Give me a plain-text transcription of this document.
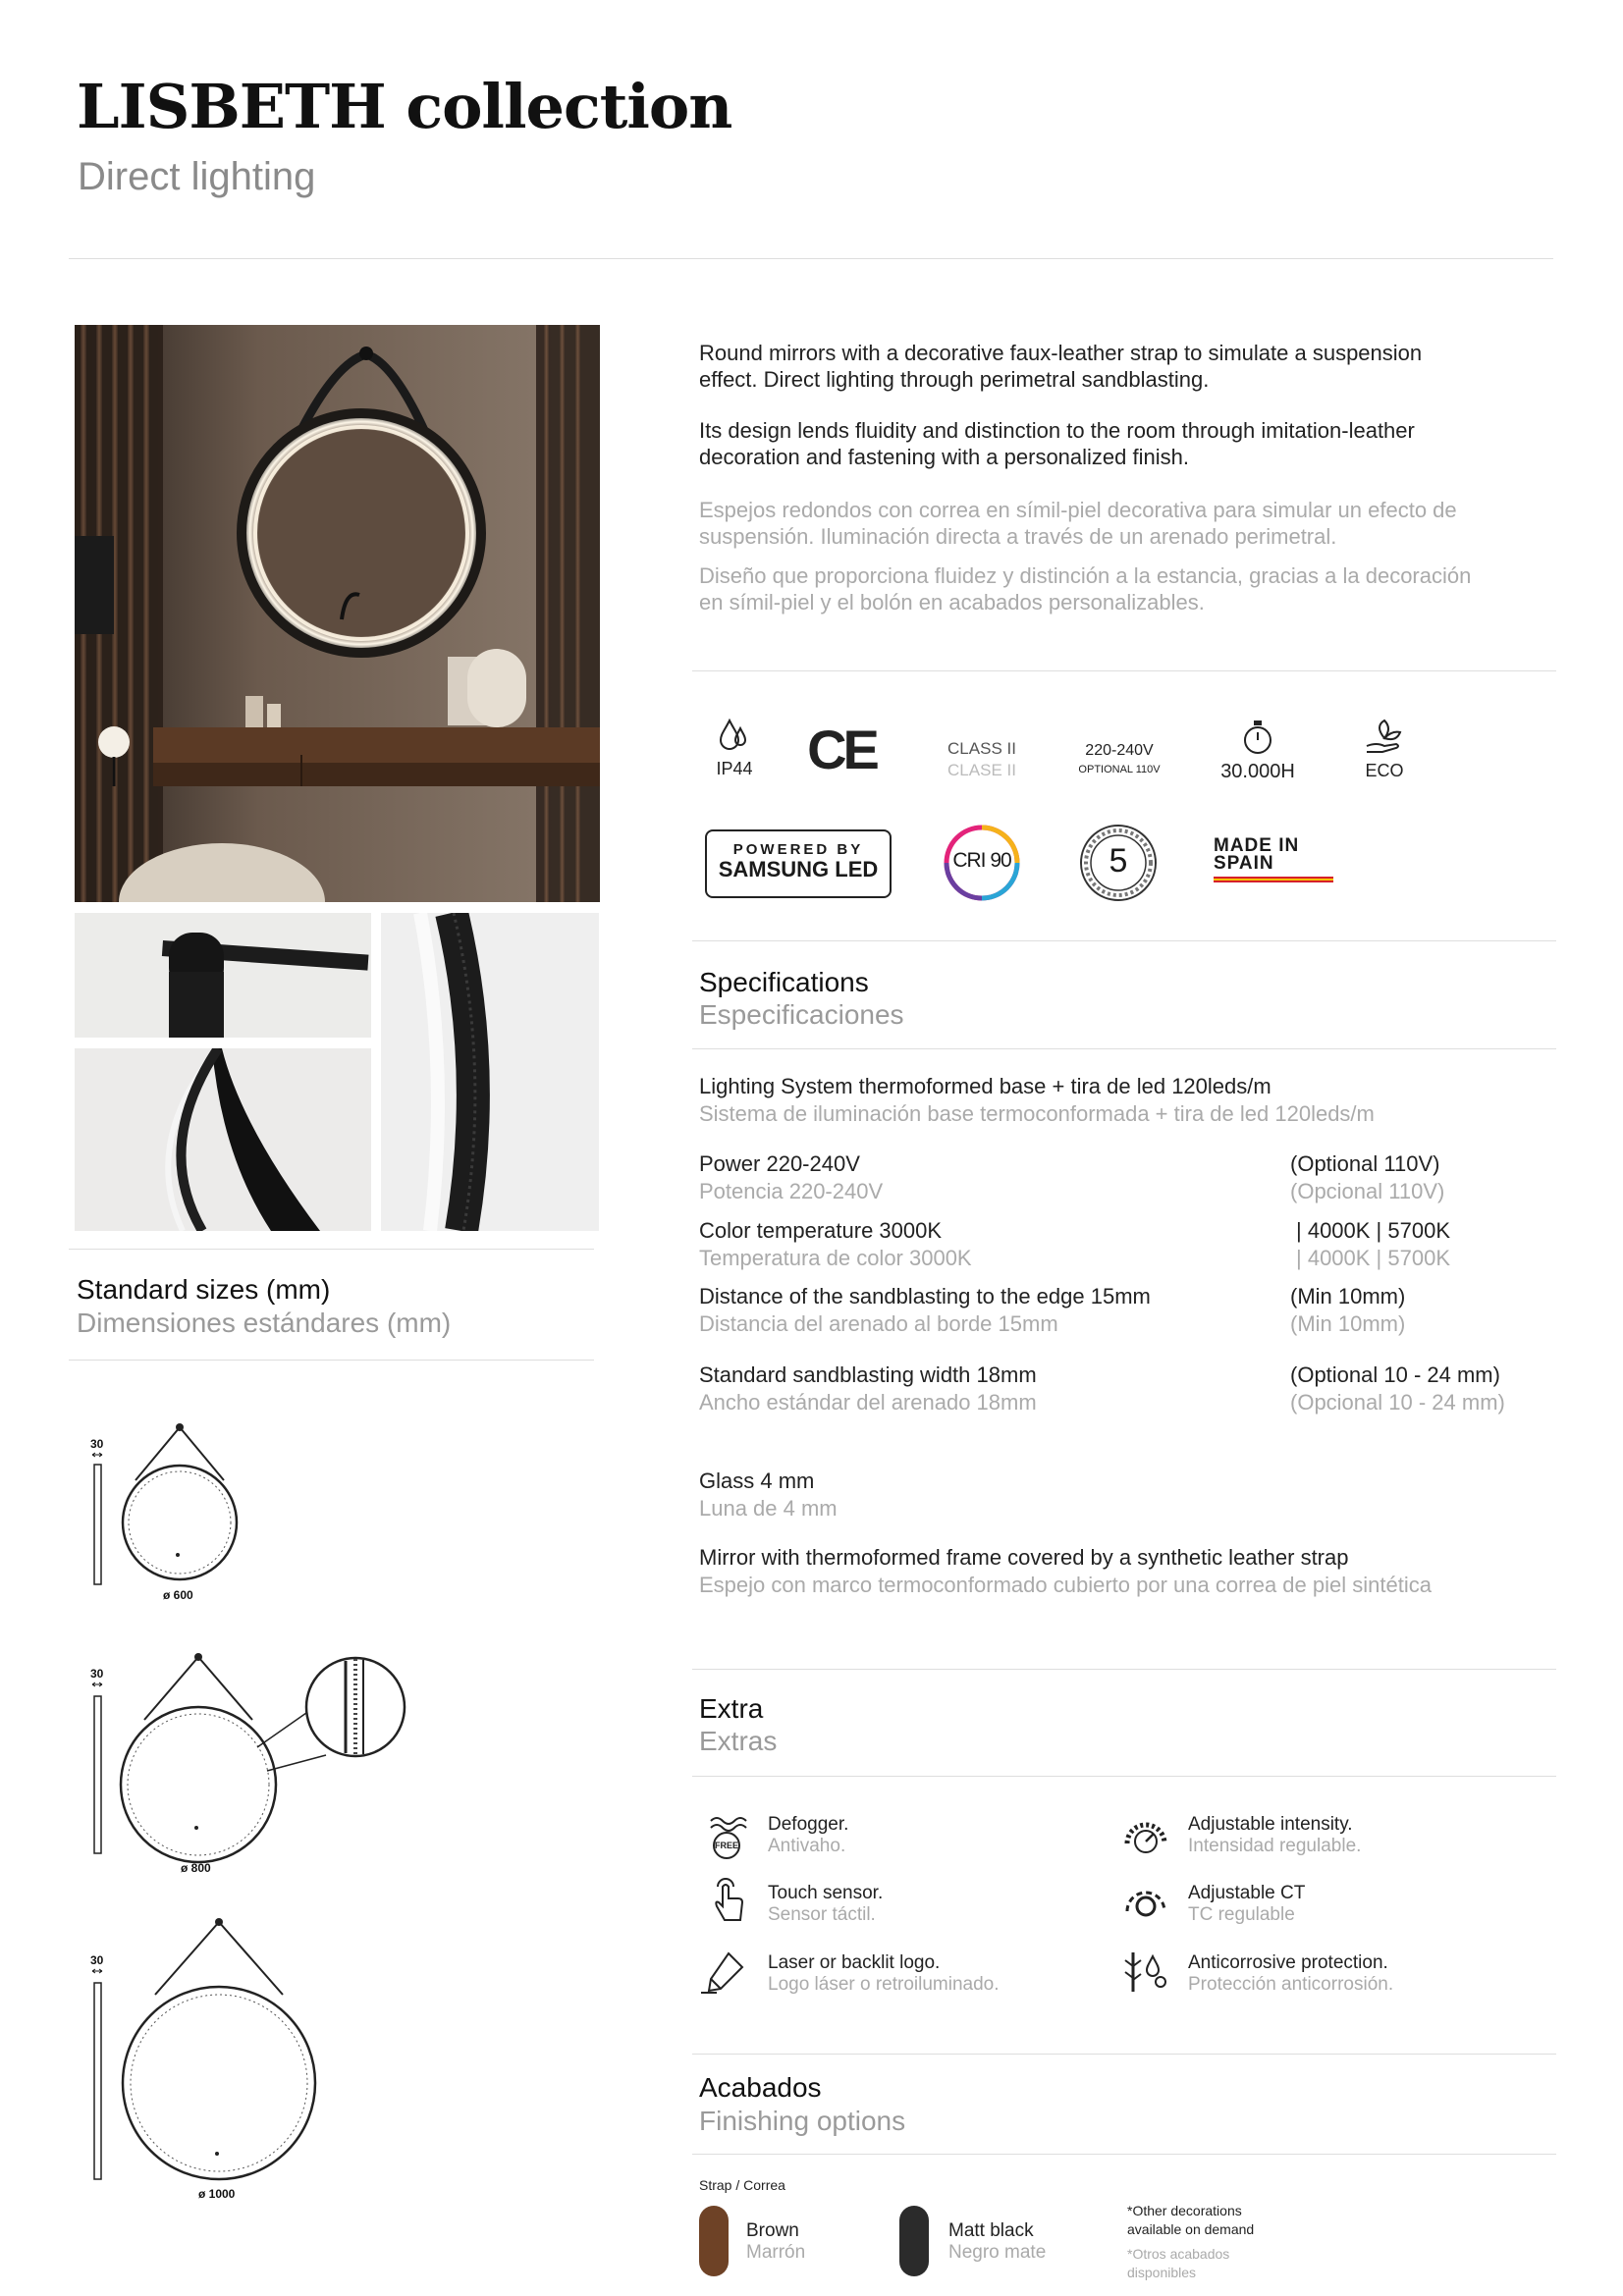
LISBETH collection
Direct lighting
Standard sizes (mm)
Dimensiones estándares (mm)
30
ø 600
30
ø 800
30
ø 1000

Round mirrors with a decorative faux-leather strap to simulate a suspension effect. Direct lighting through perimetral sandblasting.

Its design lends fluidity and distinction to the room through imitation-leather decoration and fastening with a personalized finish.

Espejos redondos con correa en símil-piel decorativa para simular un efecto de suspensión. Iluminación directa a través de un arenado perimetral.

Diseño que proporciona fluidez y distinción a la estancia, gracias a la decoración en símil-piel y el bolón en acabados personalizables.

IP44 CE	CLASS II
CLASE II
220-240V
OPTIONAL 110V	30.000H	ECO
POWERED BY
SAMSUNG LED	CRI 90	5	MADE IN
SPAIN
Specifications
Especificaciones
Lighting System thermoformed base + tira de led 120leds/m
Sistema de iluminación base termoconformada + tira de led 120leds/m
Power 220-240V
Potencia 220-240V
(Optional 110V)
(Opcional 110V)
Color temperature 3000K
Temperatura de color 3000K
| 4000K | 5700K
| 4000K | 5700K
Distance of the sandblasting to the edge 15mm
Distancia del arenado al borde 15mm
(Min 10mm)
(Min 10mm)
Standard sandblasting width 18mm
Ancho estándar del arenado 18mm
(Optional 10 - 24 mm)
(Opcional 10 - 24 mm)
Glass 4 mm
Luna de 4 mm
Mirror with thermoformed frame covered by a synthetic leather strap
Espejo con marco termoconformado cubierto por una correa de piel sintética
Extra
Extras
FREE
Defogger.
Antivaho.
Adjustable intensity.
Intensidad regulable.
Touch sensor.
Sensor táctil.
Adjustable CT
TC regulable
Laser or backlit logo.
Logo láser o retroiluminado.
Anticorrosive protection.
Protección anticorrosión.
Acabados
Finishing options
Strap / Correa
Brown
Marrón
Matt black
Negro mate
*Other decorations
available on demand
*Otros acabados
disponibles
